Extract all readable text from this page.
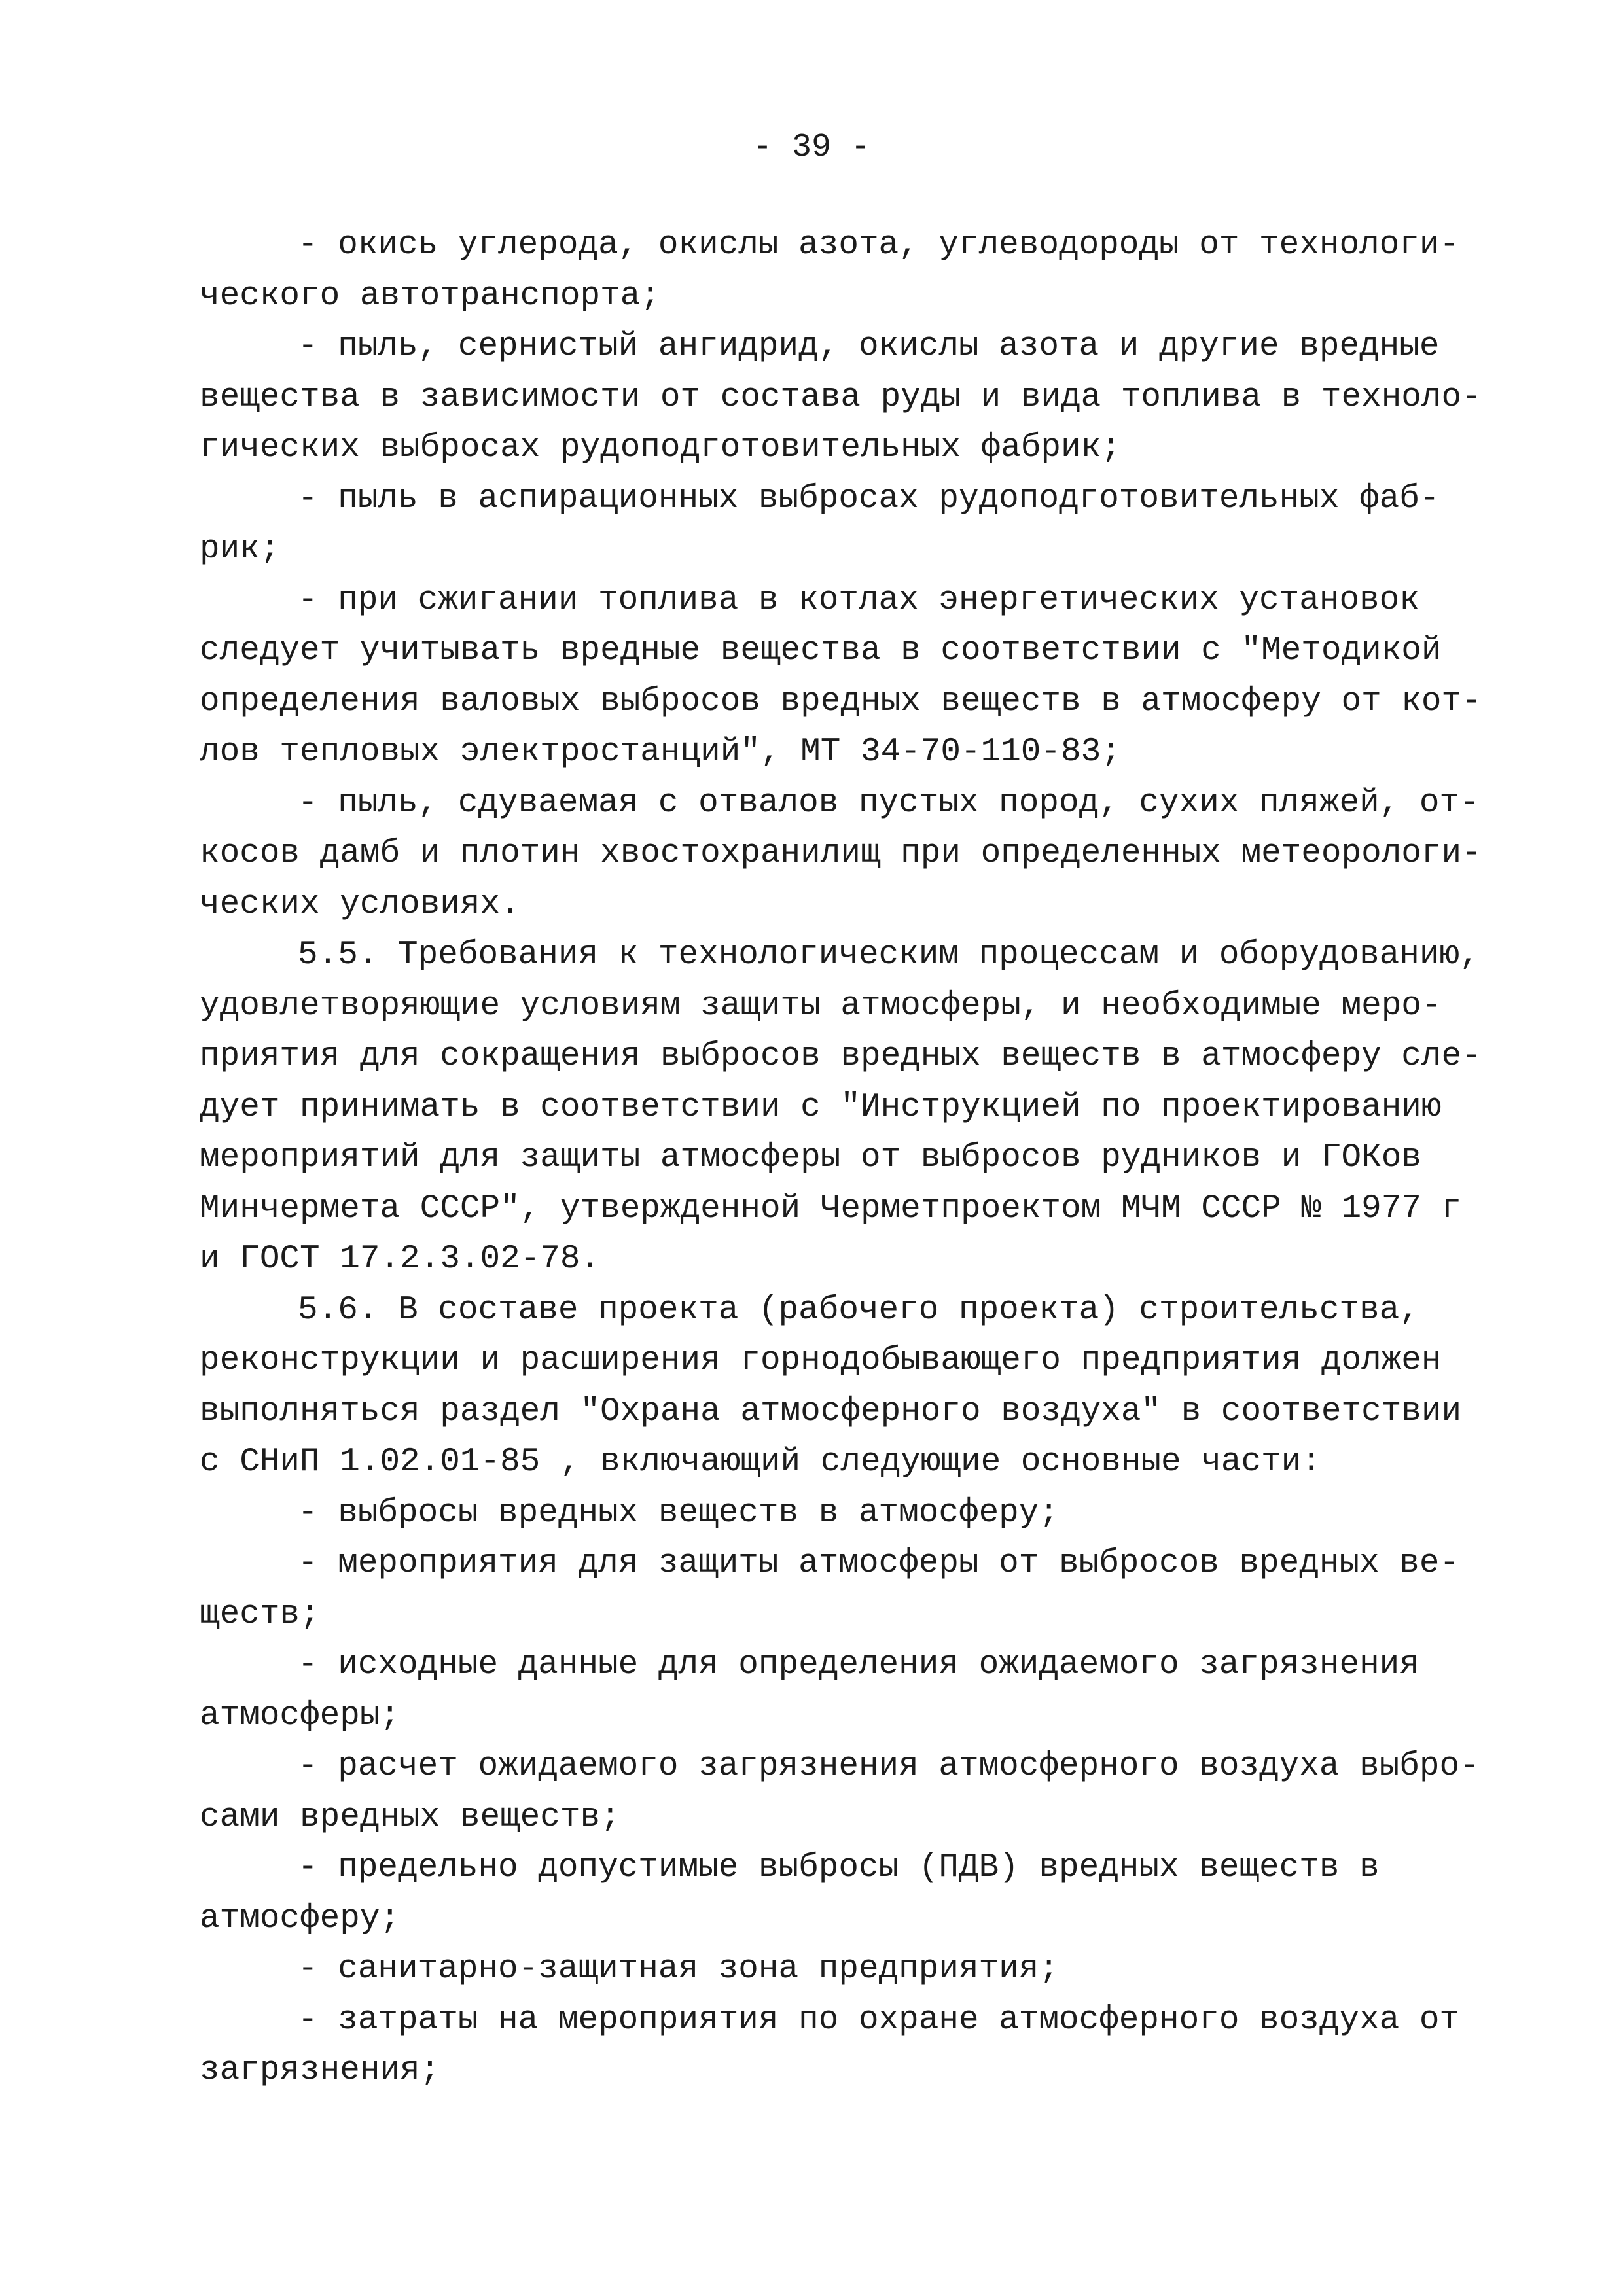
- 39 -
- окись углерода, окислы азота, углеводороды от технологи-
ческого автотранспорта;
- пыль, сернистый ангидрид, окислы азота и другие вредные
вещества в зависимости от состава руды и вида топлива в техноло-
гических выбросах рудоподготовительных фабрик;
- пыль в аспирационных выбросах рудоподготовительных фаб-
рик;
- при сжигании топлива в котлах энергетических установок
следует учитывать вредные вещества в соответствии с "Методикой
определения валовых выбросов вредных веществ в атмосферу от кот-
лов тепловых электростанций", МТ 34-70-110-83;
- пыль, сдуваемая с отвалов пустых пород, сухих пляжей, от-
косов дамб и плотин хвостохранилищ при определенных метеорологи-
ческих условиях.
5.5. Требования к технологическим процессам и оборудованию,
удовлетворяющие условиям защиты атмосферы, и необходимые меро-
приятия для сокращения выбросов вредных веществ в атмосферу сле-
дует принимать в соответствии с "Инструкцией по проектированию
мероприятий для защиты атмосферы от выбросов рудников и ГОКов
Минчермета СССР", утвержденной Черметпроектом МЧМ СССР № 1977 г
и ГОСТ 17.2.3.02-78.
5.6. В составе проекта (рабочего проекта) строительства,
реконструкции и расширения горнодобывающего предприятия должен
выполняться раздел "Охрана атмосферного воздуха" в соответствии
с СНиП 1.02.01-85 , включающий следующие основные части:
- выбросы вредных веществ в атмосферу;
- мероприятия для защиты атмосферы от выбросов вредных ве-
ществ;
- исходные данные для определения ожидаемого загрязнения
атмосферы;
- расчет ожидаемого загрязнения атмосферного воздуха выбро-
сами вредных веществ;
- предельно допустимые выбросы (ПДВ) вредных веществ в
атмосферу;
- санитарно-защитная зона предприятия;
- затраты на мероприятия по охране атмосферного воздуха от
загрязнения;
